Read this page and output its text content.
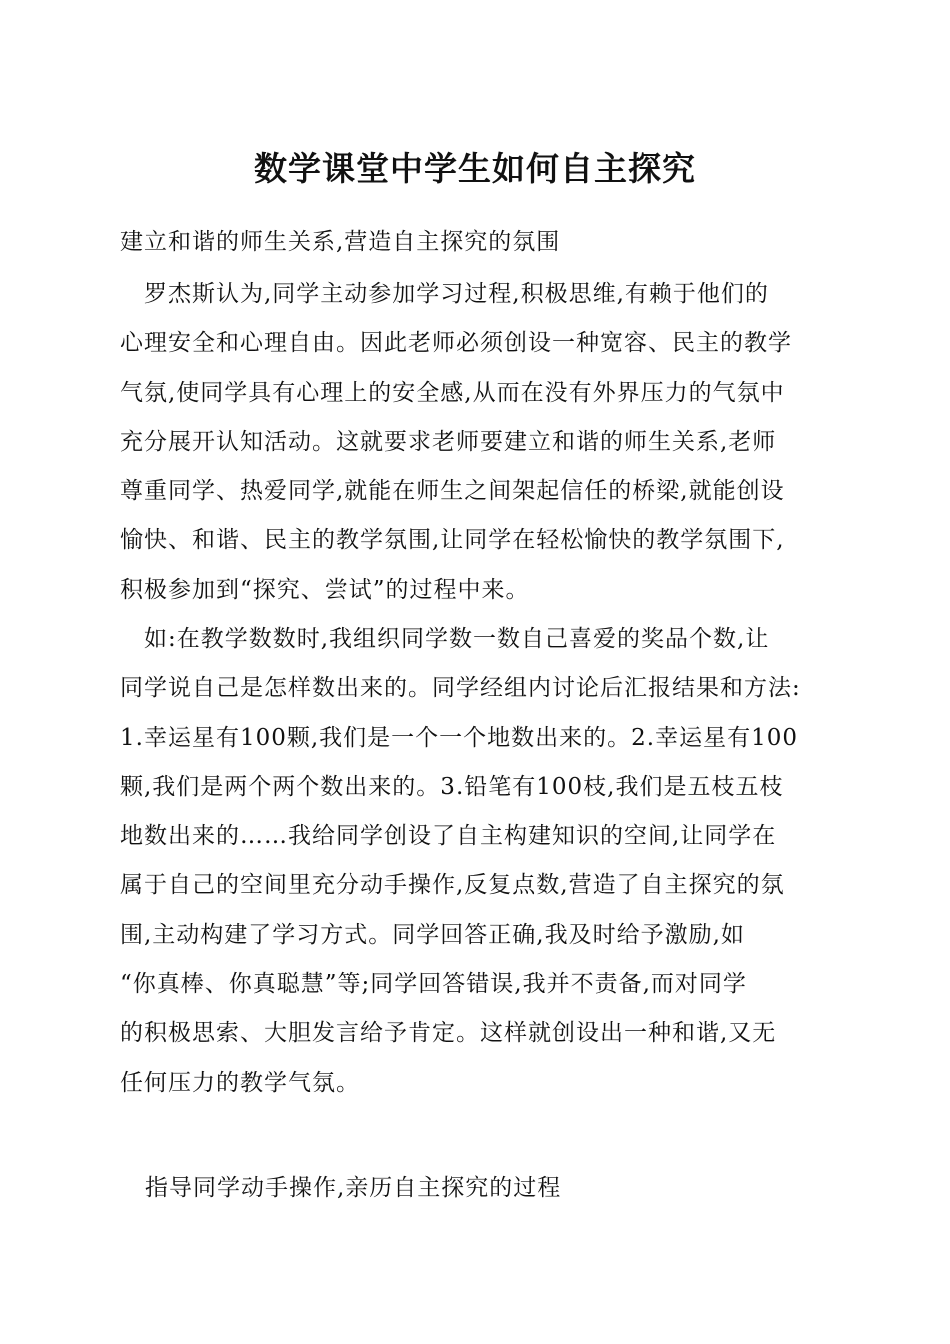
数学课堂中学生如何自主探究
建立和谐的师生关系,营造自主探究的氛围
罗杰斯认为,同学主动参加学习过程,积极思维,有赖于他们的
心理安全和心理自由。因此老师必须创设一种宽容、民主的教学
气氛,使同学具有心理上的安全感,从而在没有外界压力的气氛中
充分展开认知活动。这就要求老师要建立和谐的师生关系,老师
尊重同学、热爱同学,就能在师生之间架起信任的桥梁,就能创设
愉快、和谐、民主的教学氛围,让同学在轻松愉快的教学氛围下,
积极参加到“探究、尝试”的过程中来。
如:在教学数数时,我组织同学数一数自己喜爱的奖品个数,让
同学说自己是怎样数出来的。同学经组内讨论后汇报结果和方法:
1.幸运星有100颗,我们是一个一个地数出来的。2.幸运星有100
颗,我们是两个两个数出来的。3.铅笔有100枝,我们是五枝五枝
地数出来的……我给同学创设了自主构建知识的空间,让同学在
属于自己的空间里充分动手操作,反复点数,营造了自主探究的氛
围,主动构建了学习方式。同学回答正确,我及时给予激励,如
“你真棒、你真聪慧”等;同学回答错误,我并不责备,而对同学
的积极思索、大胆发言给予肯定。这样就创设出一种和谐,又无
任何压力的教学气氛。
指导同学动手操作,亲历自主探究的过程
